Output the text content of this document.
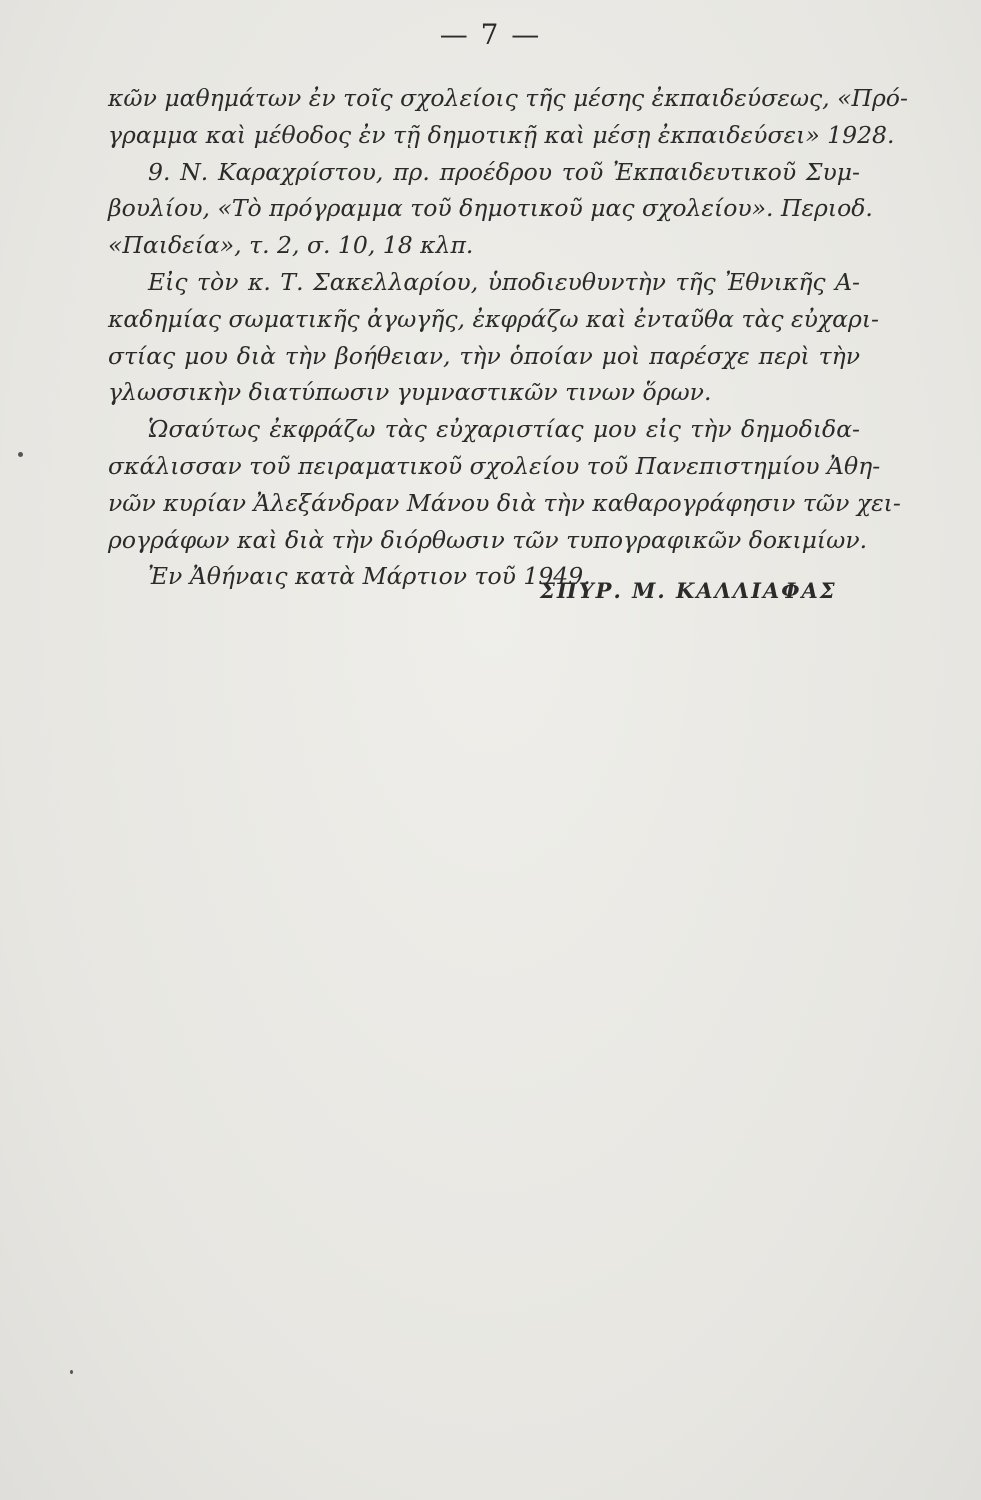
— 7 —
κῶν μαθημάτων ἐν τοῖς σχολείοις τῆς μέσης ἐκπαιδεύσεως, «Πρό-
γραμμα καὶ μέθοδος ἐν τῇ δημοτικῇ καὶ μέσῃ ἐκπαιδεύσει» 1928.
9. Ν. Καραχρίστου, πρ. προέδρου τοῦ Ἐκπαιδευτικοῦ Συμ-
βουλίου, «Τὸ πρόγραμμα τοῦ δημοτικοῦ μας σχολείου». Περιοδ.
«Παιδεία», τ. 2, σ. 10, 18 κλπ.
Εἰς τὸν κ. Τ. Σακελλαρίου, ὑποδιευθυντὴν τῆς Ἐθνικῆς Α-
καδημίας σωματικῆς ἀγωγῆς, ἐκφράζω καὶ ἐνταῦθα τὰς εὐχαρι-
στίας μου διὰ τὴν βοήθειαν, τὴν ὁποίαν μοὶ παρέσχε περὶ τὴν
γλωσσικὴν διατύπωσιν γυμναστικῶν τινων ὅρων.
Ὡσαύτως ἐκφράζω τὰς εὐχαριστίας μου εἰς τὴν δημοδιδα-
σκάλισσαν τοῦ πειραματικοῦ σχολείου τοῦ Πανεπιστημίου Ἀθη-
νῶν κυρίαν Ἀλεξάνδραν Μάνου διὰ τὴν καθαρογράφησιν τῶν χει-
ρογράφων καὶ διὰ τὴν διόρθωσιν τῶν τυπογραφικῶν δοκιμίων.
Ἐν Ἀθήναις κατὰ Μάρτιον τοῦ 1949.
ΣΠΥΡ. Μ. ΚΑΛΛΙΑΦΑΣ
